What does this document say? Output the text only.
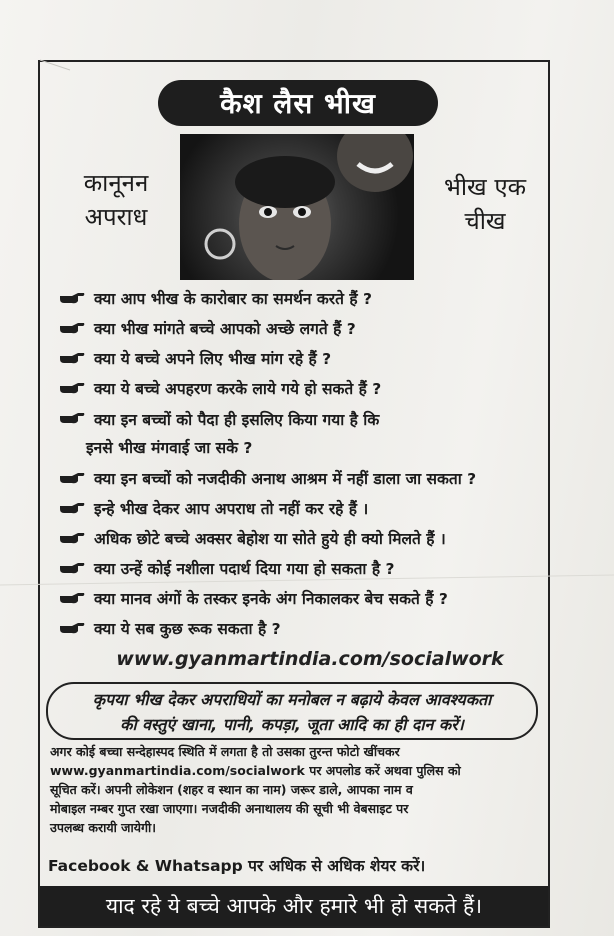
कैश लैस भीख
कानूनन
अपराध
भीख एक
चीख
क्या आप भीख के कारोबार का समर्थन करते हैं ?
क्या भीख मांगते बच्चे आपको अच्छे लगते हैं ?
क्या ये बच्चे अपने लिए भीख मांग रहे हैं ?
क्या ये बच्चे अपहरण करके लाये गये हो सकते हैं ?
क्या इन बच्चों को पैदा ही इसलिए किया गया है कि
इनसे भीख मंगवाई जा सके ?
क्या इन बच्चों को नजदीकी अनाथ आश्रम में नहीं डाला जा सकता ?
इन्हे भीख देकर आप अपराध तो नहीं कर रहे हैं ।
अधिक छोटे बच्चे अक्सर बेहोश या सोते हुये ही क्यो मिलते हैं ।
क्या उन्हें कोई नशीला पदार्थ दिया गया हो सकता है ?
क्या मानव अंगों के तस्कर इनके अंग निकालकर बेच सकते हैं ?
क्या ये सब कुछ रूक सकता है ?
www.gyanmartindia.com/socialwork
कृपया भीख देकर अपराधियों का मनोबल न बढ़ाये केवल आवश्यकता
की वस्तुएं खाना, पानी, कपड़ा, जूता आदि का ही दान करें।
अगर कोई बच्चा सन्देहास्पद स्थिति में लगता है तो उसका तुरन्त फोटो खींचकर
www.gyanmartindia.com/socialwork पर अपलोड करें अथवा पुलिस को
सूचित करें। अपनी लोकेशन (शहर व स्थान का नाम) जरूर डाले, आपका नाम व
मोबाइल नम्बर गुप्त रखा जाएगा। नजदीकी अनाथालय की सूची भी वेबसाइट पर
उपलब्ध करायी जायेगी।
Facebook & Whatsapp पर अधिक से अधिक शेयर करें।
याद रहे ये बच्चे आपके और हमारे भी हो सकते हैं।
